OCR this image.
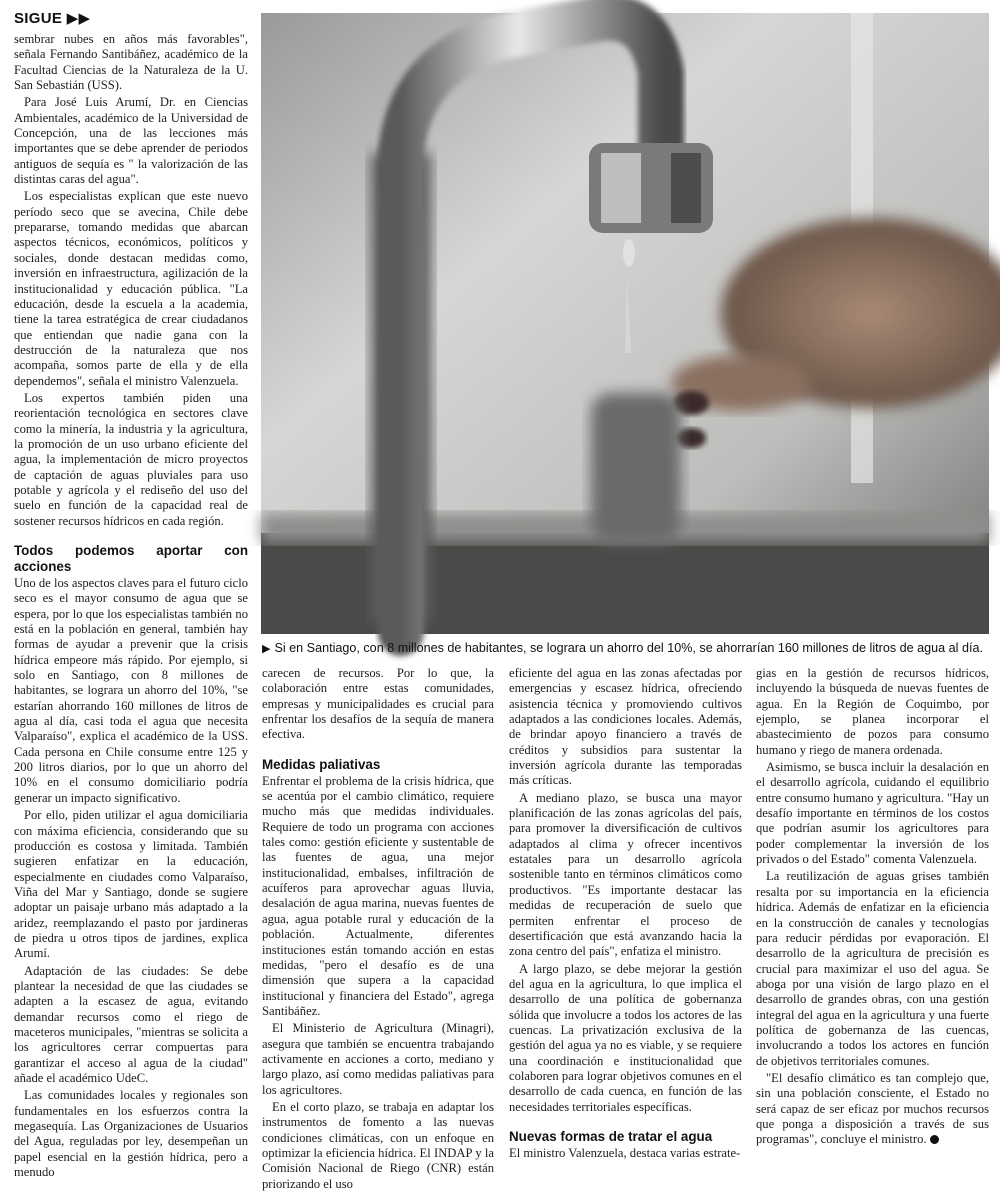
SIGUE ▶▶

sembrar nubes en años más favorables", señala Fernando Santibáñez, académico de la Facultad Ciencias de la Naturaleza de la U. San Sebastián (USS).

Para José Luis Arumí, Dr. en Ciencias Ambientales, académico de la Universidad de Concepción, una de las lecciones más importantes que se debe aprender de periodos antiguos de sequía es " la valorización de las distintas caras del agua".

Los especialistas explican que este nuevo período seco que se avecina, Chile debe prepararse, tomando medidas que abarcan aspectos técnicos, económicos, políticos y sociales, donde destacan medidas como, inversión en infraestructura, agilización de la institucionalidad y educación pública. "La educación, desde la escuela a la academia, tiene la tarea estratégica de crear ciudadanos que entiendan que nadie gana con la destrucción de la naturaleza que nos acompaña, somos parte de ella y de ella dependemos", señala el ministro Valenzuela.

Los expertos también piden una reorientación tecnológica en sectores clave como la minería, la industria y la agricultura, la promoción de un uso urbano eficiente del agua, la implementación de micro proyectos de captación de aguas pluviales para uso potable y agrícola y el rediseño del uso del suelo en función de la capacidad real de sostener recursos hídricos en cada región.

Todos podemos aportar con acciones

Uno de los aspectos claves para el futuro ciclo seco es el mayor consumo de agua que se espera, por lo que los especialistas también no está en la población en general, también hay formas de ayudar a prevenir que la crisis hídrica empeore más rápido. Por ejemplo, si solo en Santiago, con 8 millones de habitantes, se lograra un ahorro del 10%, "se estarían ahorrando 160 millones de litros de agua al día, casi toda el agua que necesita Valparaíso", explica el académico de la USS. Cada persona en Chile consume entre 125 y 200 litros diarios, por lo que un ahorro del 10% en el consumo domiciliario podría generar un impacto significativo.

Por ello, piden utilizar el agua domiciliaria con máxima eficiencia, considerando que su producción es costosa y limitada. También sugieren enfatizar en la educación, especialmente en ciudades como Valparaíso, Viña del Mar y Santiago, donde se sugiere adoptar un paisaje urbano más adaptado a la aridez, reemplazando el pasto por jardineras de piedra u otros tipos de jardines, explica Arumí.

Adaptación de las ciudades: Se debe plantear la necesidad de que las ciudades se adapten a la escasez de agua, evitando demandar recursos como el riego de maceteros municipales, "mientras se solicita a los agricultores cerrar compuertas para garantizar el acceso al agua de la ciudad" añade el académico UdeC.

Las comunidades locales y regionales son fundamentales en los esfuerzos contra la megasequía. Las Organizaciones de Usuarios del Agua, reguladas por ley, desempeñan un papel esencial en la gestión hídrica, pero a menudo

▶ Si en Santiago, con 8 millones de habitantes, se lograra un ahorro del 10%, se ahorrarían 160 millones de litros de agua al día.

carecen de recursos. Por lo que, la colaboración entre estas comunidades, empresas y municipalidades es crucial para enfrentar los desafíos de la sequía de manera efectiva.

Medidas paliativas

Enfrentar el problema de la crisis hídrica, que se acentúa por el cambio climático, requiere mucho más que medidas individuales. Requiere de todo un programa con acciones tales como: gestión eficiente y sustentable de las fuentes de agua, una mejor institucionalidad, embalses, infiltración de acuíferos para aprovechar aguas lluvia, desalación de agua marina, nuevas fuentes de agua, agua potable rural y educación de la población. Actualmente, diferentes instituciones están tomando acción en estas medidas, "pero el desafío es de una dimensión que supera a la capacidad institucional y financiera del Estado", agrega Santibáñez.

El Ministerio de Agricultura (Minagri), asegura que también se encuentra trabajando activamente en acciones a corto, mediano y largo plazo, así como medidas paliativas para los agricultores.

En el corto plazo, se trabaja en adaptar los instrumentos de fomento a las nuevas condiciones climáticas, con un enfoque en optimizar la eficiencia hídrica. El INDAP y la Comisión Nacional de Riego (CNR) están priorizando el uso

eficiente del agua en las zonas afectadas por emergencias y escasez hídrica, ofreciendo asistencia técnica y promoviendo cultivos adaptados a las condiciones locales. Además, de brindar apoyo financiero a través de créditos y subsidios para sustentar la inversión agrícola durante las temporadas más críticas.

A mediano plazo, se busca una mayor planificación de las zonas agrícolas del país, para promover la diversificación de cultivos adaptados al clima y ofrecer incentivos estatales para un desarrollo agrícola sostenible tanto en términos climáticos como productivos. "Es importante destacar las medidas de recuperación de suelo que permiten enfrentar el proceso de desertificación que está avanzando hacia la zona centro del país", enfatiza el ministro.

A largo plazo, se debe mejorar la gestión del agua en la agricultura, lo que implica el desarrollo de una política de gobernanza sólida que involucre a todos los actores de las cuencas. La privatización exclusiva de la gestión del agua ya no es viable, y se requiere una coordinación e institucionalidad que colaboren para lograr objetivos comunes en el desarrollo de cada cuenca, en función de las necesidades territoriales específicas.

Nuevas formas de tratar el agua

El ministro Valenzuela, destaca varias estrate-

gias en la gestión de recursos hídricos, incluyendo la búsqueda de nuevas fuentes de agua. En la Región de Coquimbo, por ejemplo, se planea incorporar el abastecimiento de pozos para consumo humano y riego de manera ordenada.

Asimismo, se busca incluir la desalación en el desarrollo agrícola, cuidando el equilibrio entre consumo humano y agricultura. "Hay un desafío importante en términos de los costos que podrían asumir los agricultores para poder complementar la inversión de los privados o del Estado" comenta Valenzuela.

La reutilización de aguas grises también resalta por su importancia en la eficiencia hídrica. Además de enfatizar en la eficiencia en la construcción de canales y tecnologías para reducir pérdidas por evaporación. El desarrollo de la agricultura de precisión es crucial para maximizar el uso del agua. Se aboga por una visión de largo plazo en el desarrollo de grandes obras, con una gestión integral del agua en la agricultura y una fuerte política de gobernanza de las cuencas, involucrando a todos los actores en función de objetivos territoriales comunes.

"El desafío climático es tan complejo que, sin una población consciente, el Estado no será capaz de ser eficaz por muchos recursos que ponga a disposición a través de sus programas", concluye el ministro.
